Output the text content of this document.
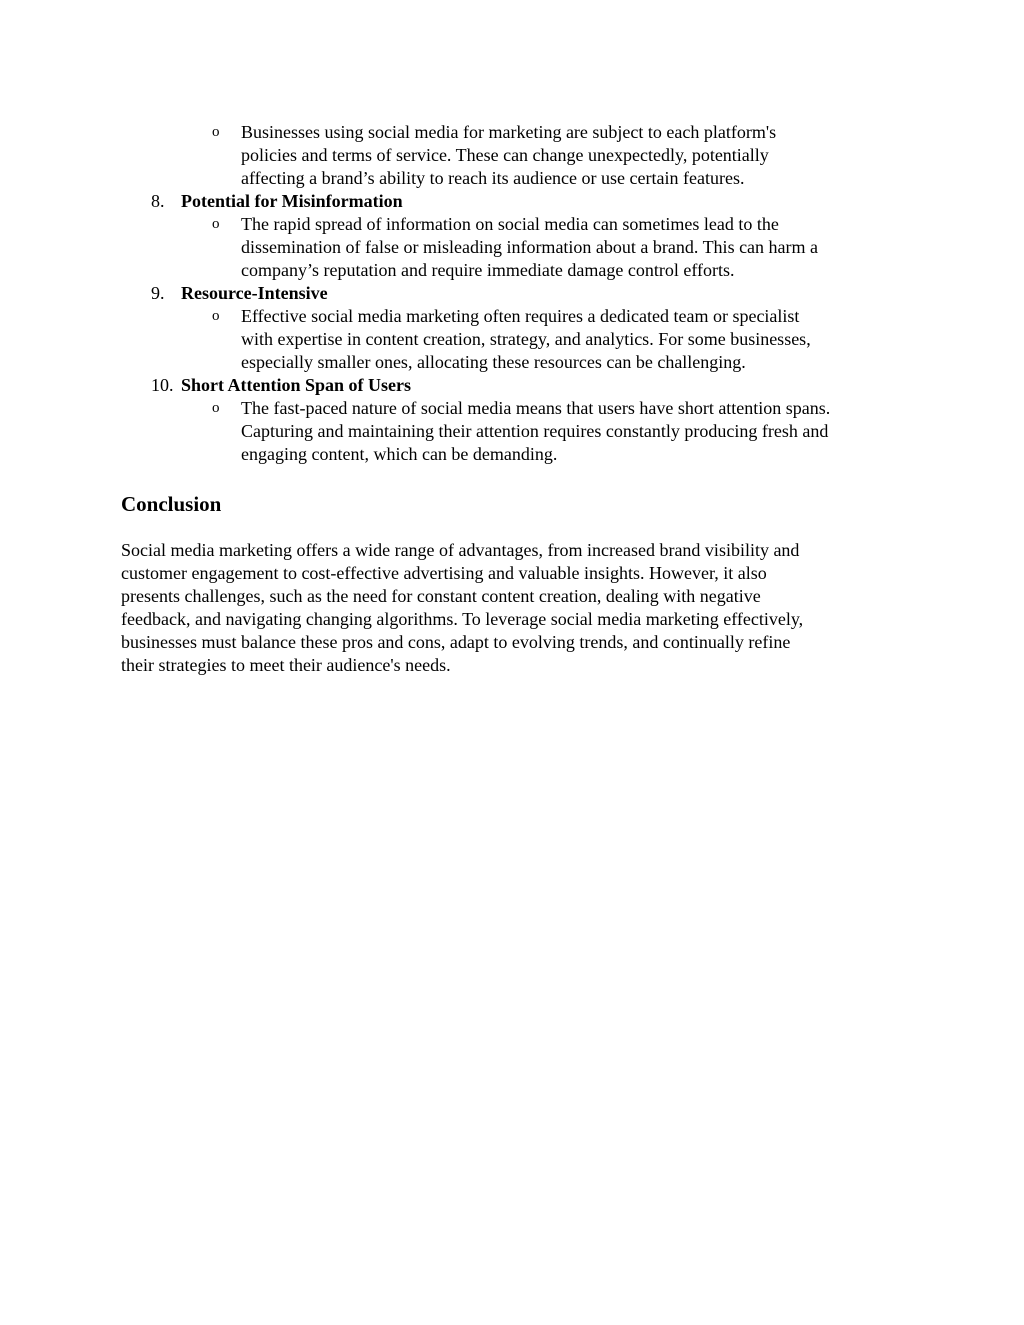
o Businesses using social media for marketing are subject to each platform's
policies and terms of service. These can change unexpectedly, potentially
affecting a brand’s ability to reach its audience or use certain features.
8. Potential for Misinformation
o The rapid spread of information on social media can sometimes lead to the
dissemination of false or misleading information about a brand. This can harm a
company’s reputation and require immediate damage control efforts.
9. Resource-Intensive
o Effective social media marketing often requires a dedicated team or specialist
with expertise in content creation, strategy, and analytics. For some businesses,
especially smaller ones, allocating these resources can be challenging.
10. Short Attention Span of Users
o The fast-paced nature of social media means that users have short attention spans.
Capturing and maintaining their attention requires constantly producing fresh and
engaging content, which can be demanding.
Conclusion
Social media marketing offers a wide range of advantages, from increased brand visibility and
customer engagement to cost-effective advertising and valuable insights. However, it also
presents challenges, such as the need for constant content creation, dealing with negative
feedback, and navigating changing algorithms. To leverage social media marketing effectively,
businesses must balance these pros and cons, adapt to evolving trends, and continually refine
their strategies to meet their audience's needs.
